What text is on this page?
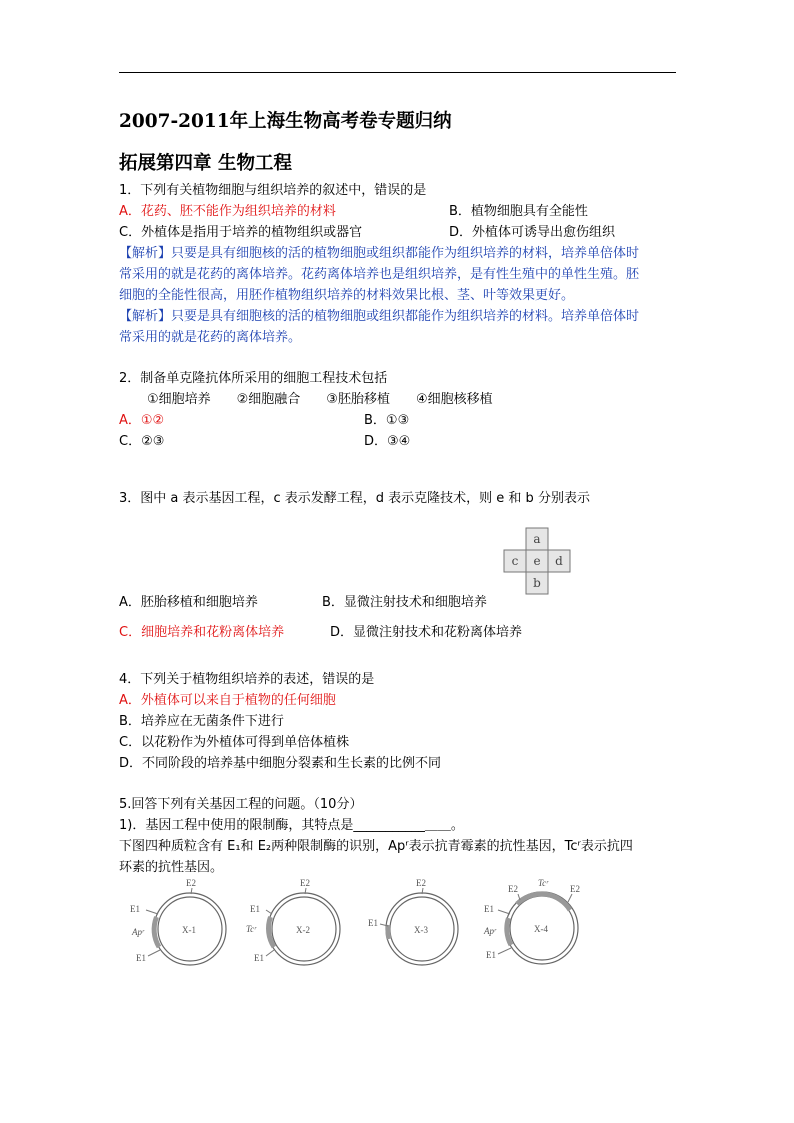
2007-2011年上海生物高考卷专题归纳
拓展第四章 生物工程
1．下列有关植物细胞与组织培养的叙述中，错误的是
A．花药、胚不能作为组织培养的材料	B．植物细胞具有全能性
C．外植体是指用于培养的植物组织或器官	D．外植体可诱导出愈伤组织
【解析】只要是具有细胞核的活的植物细胞或组织都能作为组织培养的材料，培养单倍体时
常采用的就是花药的离体培养。花药离体培养也是组织培养，是有性生殖中的单性生殖。胚
细胞的全能性很高，用胚作植物组织培养的材料效果比根、茎、叶等效果更好。
【解析】只要是具有细胞核的活的植物细胞或组织都能作为组织培养的材料。培养单倍体时
常采用的就是花药的离体培养。
2．制备单克隆抗体所采用的细胞工程技术包括
①细胞培养　　②细胞融合　　③胚胎移植　　④细胞核移植
A．①②	B．①③
C．②③	D．③④
3．图中 a 表示基因工程，c 表示发酵工程，d 表示克隆技术，则 e 和 b 分别表示
a
c e d
b
A．胚胎移植和细胞培养	B．显微注射技术和细胞培养
C．细胞培养和花粉离体培养	D．显微注射技术和花粉离体培养
4．下列关于植物组织培养的表述，错误的是
A．外植体可以来自于植物的任何细胞
B．培养应在无菌条件下进行
C．以花粉作为外植体可得到单倍体植株
D．不同阶段的培养基中细胞分裂素和生长素的比例不同
5.回答下列有关基因工程的问题。（10分）
1)．基因工程中使用的限制酶，其特点是___________＿＿。
下图四种质粒含有 E₁和 E₂两种限制酶的识别，Apʳ表示抗青霉素的抗性基因，Tcʳ表示抗四
环素的抗性基因。
E2
E1
Apʳ
E1
X-1
E2
E1
Tcʳ
E1
X-2
E2
E1
X-3
Tcʳ
E2	E2
E1
Apʳ
E1
X-4
